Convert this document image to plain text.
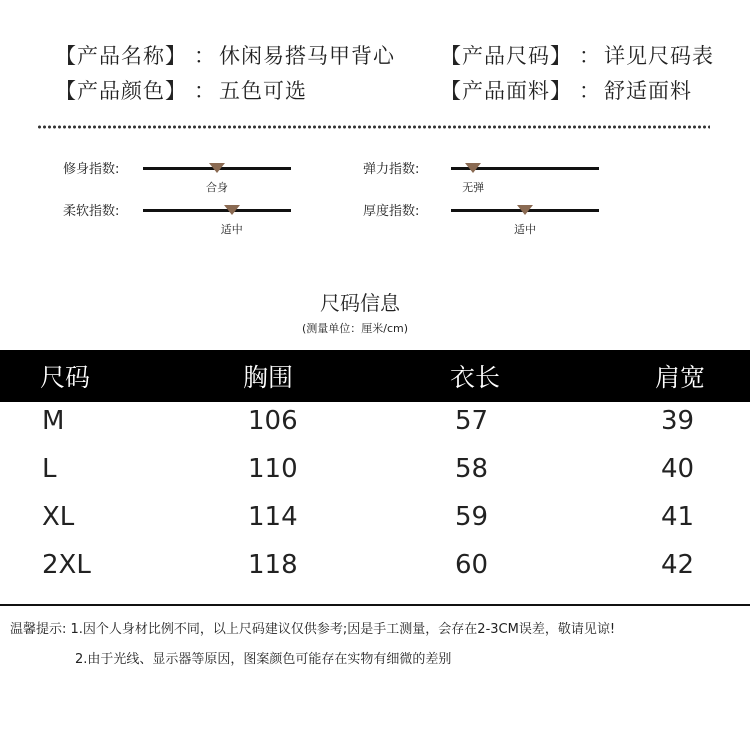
【产品名称】 ： 休闲易搭马甲背心 【产品尺码】 ： 详见尺码表
【产品颜色】 ： 五色可选	【产品面料】 ： 舒适面料
修身指数:
合身
弹力指数:
无弹
柔软指数:
适中
厚度指数:
适中
尺码信息
(测量单位：厘米/cm)
尺码	胸围	衣长	肩宽
M	106	57	39
L	110	58	40
XL	114	59	41
2XL	118	60	42
温馨提示: 1.因个人身材比例不同，以上尺码建议仅供参考;因是手工测量，会存在2-3CM误差，敬请见谅!
2.由于光线、显示器等原因，图案颜色可能存在实物有细微的差别
